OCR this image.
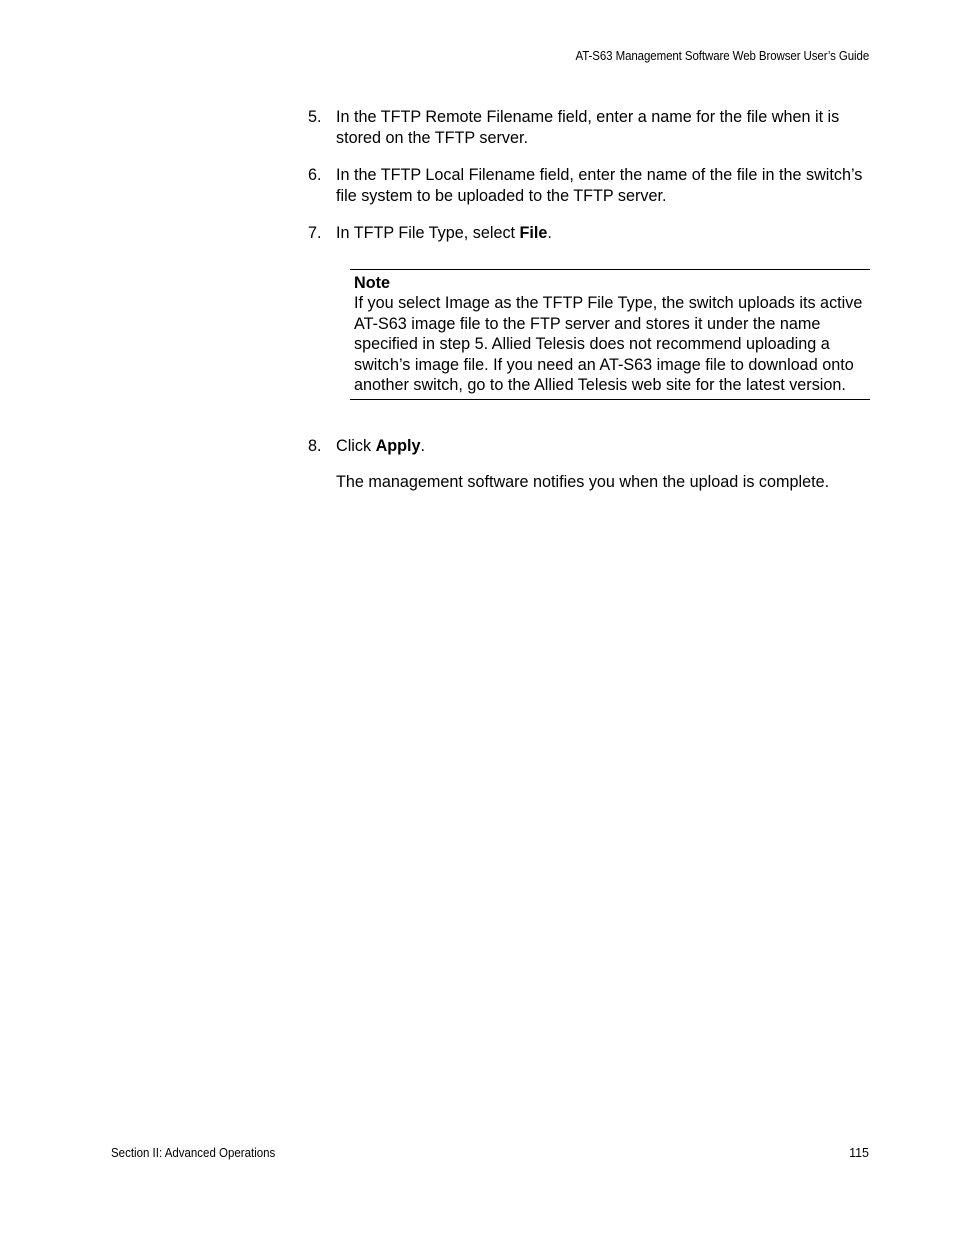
AT-S63 Management Software Web Browser User’s Guide
5. In the TFTP Remote Filename field, enter a name for the file when it is stored on the TFTP server.
6. In the TFTP Local Filename field, enter the name of the file in the switch’s file system to be uploaded to the TFTP server.
7. In TFTP File Type, select File.
Note
If you select Image as the TFTP File Type, the switch uploads its active AT-S63 image file to the FTP server and stores it under the name specified in step 5. Allied Telesis does not recommend uploading a switch’s image file. If you need an AT-S63 image file to download onto another switch, go to the Allied Telesis web site for the latest version.
8. Click Apply.

The management software notifies you when the upload is complete.

Section II: Advanced Operations	115
